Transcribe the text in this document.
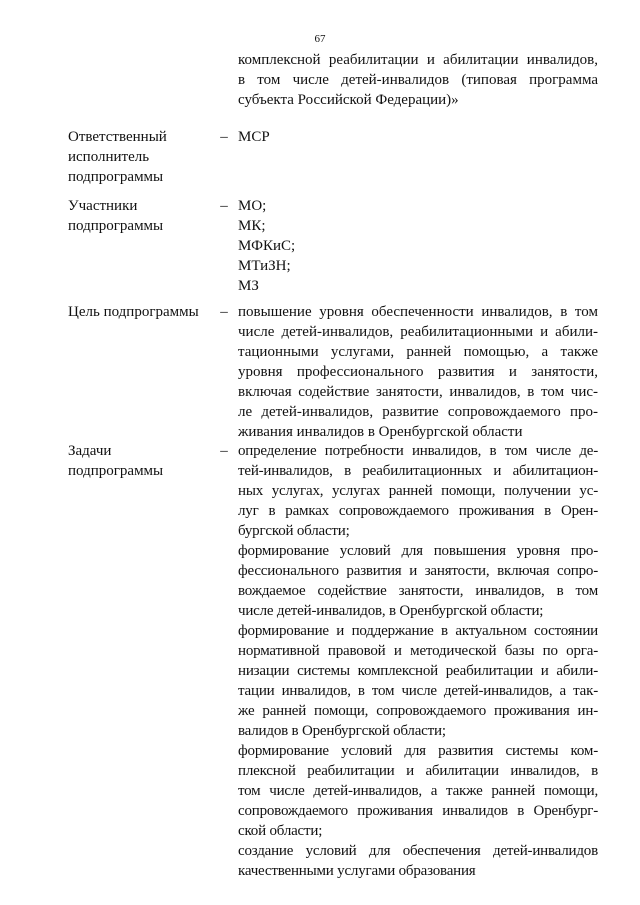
67
комплексной реабилитации и абилитации инвалидов,
в том числе детей-инвалидов (типовая программа
субъекта Российской Федерации)»
Ответственный
исполнитель
подпрограммы
– МСР
Участники
подпрограммы
– МО;
МК;
МФКиС;
МТиЗН;
МЗ
Цель подпрограммы	– повышение уровня обеспеченности инвалидов, в том
числе детей-инвалидов, реабилитационными и абили-
тационными услугами, ранней помощью, а также
уровня профессионального развития и занятости,
включая содействие занятости, инвалидов, в том чис-
ле детей-инвалидов, развитие сопровождаемого про-
живания инвалидов в Оренбургской области
Задачи
подпрограммы
– определение потребности инвалидов, в том числе де-
тей-инвалидов, в реабилитационных и абилитацион-
ных услугах, услугах ранней помощи, получении ус-
луг в рамках сопровождаемого проживания в Орен-
бургской области;
формирование условий для повышения уровня про-
фессионального развития и занятости, включая сопро-
вождаемое содействие занятости, инвалидов, в том
числе детей-инвалидов, в Оренбургской области;
формирование и поддержание в актуальном состоянии
нормативной правовой и методической базы по орга-
низации системы комплексной реабилитации и абили-
тации инвалидов, в том числе детей-инвалидов, а так-
же ранней помощи, сопровождаемого проживания ин-
валидов в Оренбургской области;
формирование условий для развития системы ком-
плексной реабилитации и абилитации инвалидов, в
том числе детей-инвалидов, а также ранней помощи,
сопровождаемого проживания инвалидов в Оренбург-
ской области;
создание условий для обеспечения детей-инвалидов
качественными услугами образования
